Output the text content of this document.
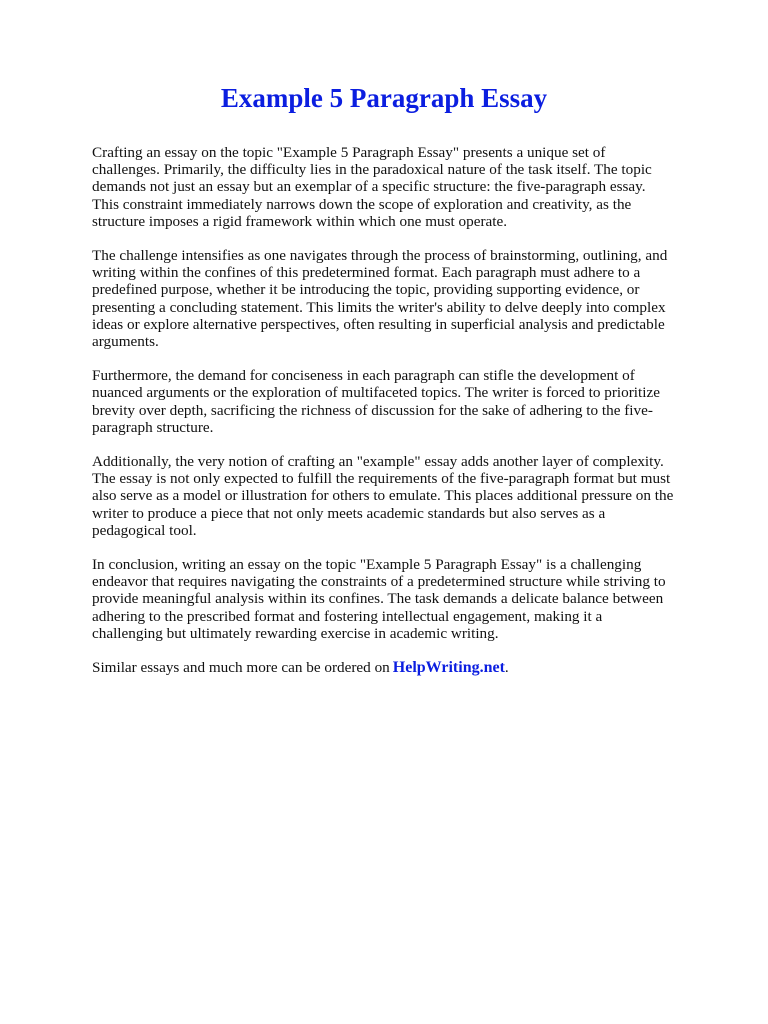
Example 5 Paragraph Essay

Crafting an essay on the topic "Example 5 Paragraph Essay" presents a unique set of challenges. Primarily, the difficulty lies in the paradoxical nature of the task itself. The topic demands not just an essay but an exemplar of a specific structure: the five-paragraph essay. This constraint immediately narrows down the scope of exploration and creativity, as the structure imposes a rigid framework within which one must operate.

The challenge intensifies as one navigates through the process of brainstorming, outlining, and writing within the confines of this predetermined format. Each paragraph must adhere to a predefined purpose, whether it be introducing the topic, providing supporting evidence, or presenting a concluding statement. This limits the writer's ability to delve deeply into complex ideas or explore alternative perspectives, often resulting in superficial analysis and predictable arguments.

Furthermore, the demand for conciseness in each paragraph can stifle the development of nuanced arguments or the exploration of multifaceted topics. The writer is forced to prioritize brevity over depth, sacrificing the richness of discussion for the sake of adhering to the five-paragraph structure.

Additionally, the very notion of crafting an "example" essay adds another layer of complexity. The essay is not only expected to fulfill the requirements of the five-paragraph format but must also serve as a model or illustration for others to emulate. This places additional pressure on the writer to produce a piece that not only meets academic standards but also serves as a pedagogical tool.

In conclusion, writing an essay on the topic "Example 5 Paragraph Essay" is a challenging endeavor that requires navigating the constraints of a predetermined structure while striving to provide meaningful analysis within its confines. The task demands a delicate balance between adhering to the prescribed format and fostering intellectual engagement, making it a challenging but ultimately rewarding exercise in academic writing.

Similar essays and much more can be ordered on HelpWriting.net.
